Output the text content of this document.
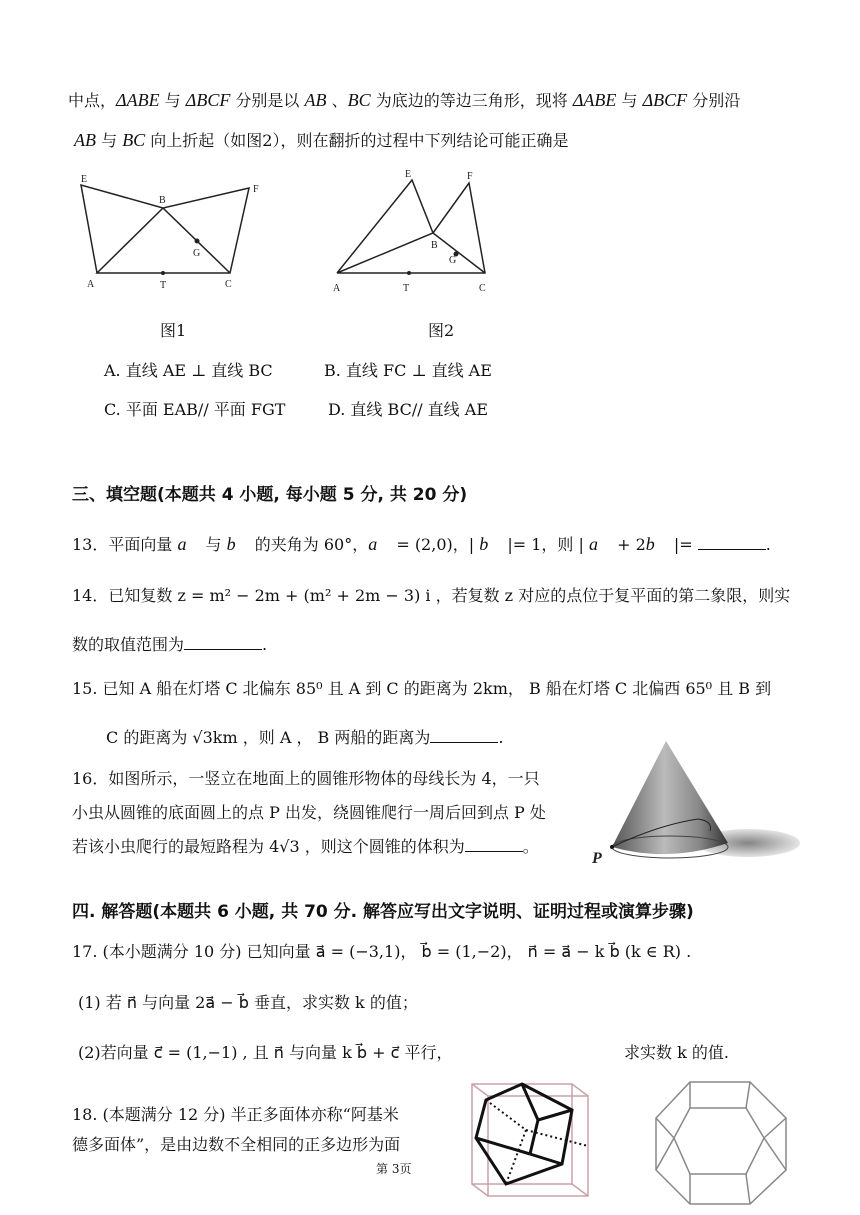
中点，ΔABE 与 ΔBCF 分别是以 AB 、BC 为底边的等边三角形，现将 ΔABE 与 ΔBCF 分别沿
AB 与 BC 向上折起（如图2），则在翻折的过程中下列结论可能正确是
E
B
F
G
A	T	C
图1
E	F
B
G
A	T	C
图2
A. 直线 AE ⊥ 直线 BC	B. 直线 FC ⊥ 直线 AE
C. 平面 EAB// 平面 FGT	D. 直线 BC// 直线 AE
三、填空题(本题共 4 小题, 每小题 5 分, 共 20 分)
13．平面向量 a⃗ 与 b⃗ 的夹角为 60°，a⃗ = (2,0)，| b⃗ |= 1，则 | a⃗ + 2b⃗ |=	.
14．已知复数 z = m² − 2m + (m² + 2m − 3) i ，若复数 z 对应的点位于复平面的第二象限，则实
数的取值范围为	.
15. 已知 A 船在灯塔 C 北偏东 85⁰ 且 A 到 C 的距离为 2km， B 船在灯塔 C 北偏西 65⁰ 且 B 到
C 的距离为 √3km ，则 A ， B 两船的距离为	.
16．如图所示，一竖立在地面上的圆锥形物体的母线长为 4，一只
小虫从圆锥的底面圆上的点 P 出发，绕圆锥爬行一周后回到点 P 处
若该小虫爬行的最短路程为 4√3 ，则这个圆锥的体积为	。
P
四. 解答题(本题共 6 小题, 共 70 分. 解答应写出文字说明、证明过程或演算步骤)
17. (本小题满分 10 分) 已知向量 a⃗ = (−3,1)， b⃗ = (1,−2)， n⃗ = a⃗ − k b⃗ (k ∈ R) .
(1) 若 n⃗ 与向量 2a⃗ − b⃗ 垂直，求实数 k 的值；
(2)若向量 c⃗ = (1,−1) , 且 n⃗ 与向量 k b⃗ + c⃗ 平行，	求实数 k 的值.
18. (本题满分 12 分) 半正多面体亦称“阿基米
德多面体”，是由边数不全相同的正多边形为面
第 3页
